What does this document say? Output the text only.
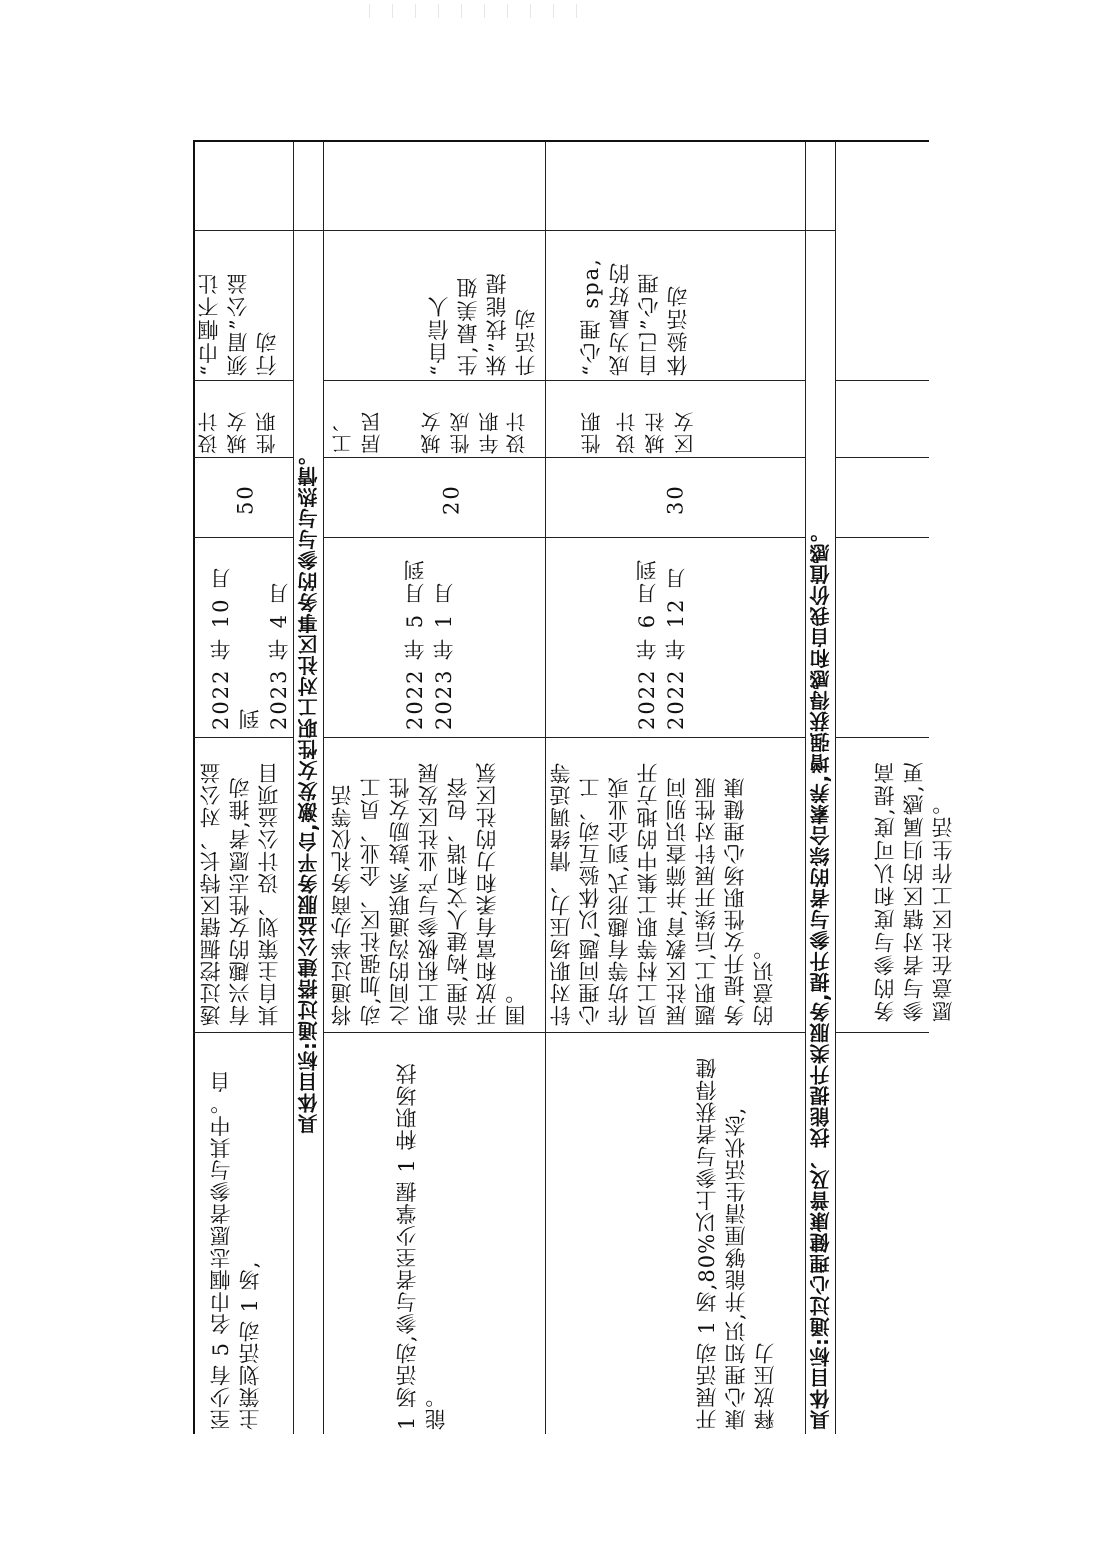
务的参与度和认可度,提高 参与者对辖区的归属感,更 愿意在社区工作生活。
具体目标:通过心理健康普及、技能提升类服务,提升参与者的综合素养,增强获得感和自我价值感。
“心理 spa, 成为最好的 自己”心理 体验活动
设计 城社 区女
性职
30
2022 年 6 月到 2022 年 12 月
针对职场压力、情绪调适等 心理问题,以体验互动、工 作坊等有趣形式,到企业或 员工村等职工集中的地方开 展社区教育,并筛查识别问 题职工,后续开展针对性服 务,提升女性职场心理健康 的意识。
开展活动 1 场,80%以上参与者获得健 康心理知识,并能够厘清生活状态, 释放压力
“自信人 生,最美姐 妹”技能提 升活动
设计
城女 性成 年职
工、 居民
20
2022 年 5 月到 2023 年 1 月
将通过举办商务礼仪等活 动,加强社区、企业、员工 之间的沟通联系,鼓励女性 职工积极参与产业社区发展 治理,构建人文和谐、包容 开放和富有柔和力的社区氛 围。
1 场活动,参与者至少掌握 1 种职场技 能。
具体目标:通过搭建公益服务平台,激发女性职工对社区事务的参与与热情。
“巾帼不让 须眉”公益 行动
设计 城女 性职
50
2022 年 10 月到 2023 年 4 月
透过挖掘辖区特长、对公益 有兴趣的女性志愿者,推动 其自主策划、设计公益项目
至少有 5 名巾帼志愿者参与其中。自 主策划活动 1 场,
